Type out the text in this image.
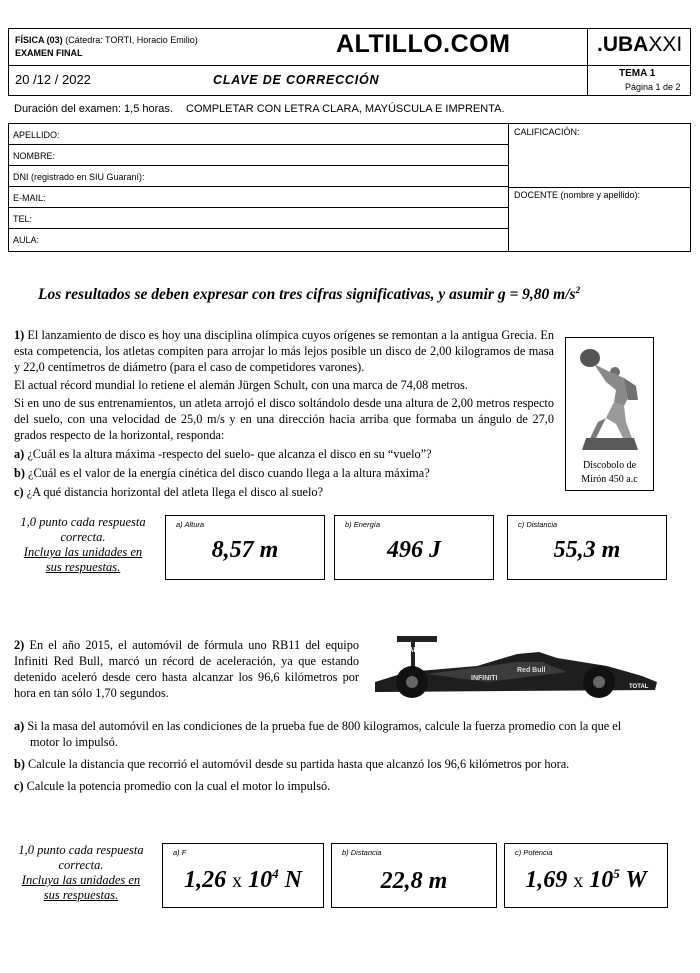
FÍSICA (03) (Cátedra: TORTI, Horacio Emilio)
EXAMEN FINAL	ALTILLO.COM	.UBAXXI
20 /12 / 2022	CLAVE DE CORRECCIÓN	TEMA 1
Página 1 de 2
Duración del examen: 1,5 horas. COMPLETAR CON LETRA CLARA, MAYÚSCULA E IMPRENTA.
APELLIDO:
NOMBRE:
DNI (registrado en SIU Guaraní):
E-MAIL:
TEL:
AULA:
CALIFICACIÓN:
DOCENTE (nombre y apellido):
Los resultados se deben expresar con tres cifras significativas, y asumir g = 9,80 $m/s^2$

1) El lanzamiento de disco es hoy una disciplina olímpica cuyos orígenes se remontan a la antigua Grecia. En esta competencia, los atletas compiten para arrojar lo más lejos posible un disco de 2,00 kilogramos de masa y 22,0 centímetros de diámetro (para el caso de competidores varones).

El actual récord mundial lo retiene el alemán Jürgen Schult, con una marca de 74,08 metros.

Si en uno de sus entrenamientos, un atleta arrojó el disco soltándolo desde una altura de 2,00 metros respecto del suelo, con una velocidad de 25,0 m/s y en una dirección hacia arriba que formaba un ángulo de 27,0 grados respecto de la horizontal, responda:

a) ¿Cuál es la altura máxima -respecto del suelo- que alcanza el disco en su “vuelo”?

b) ¿Cuál es el valor de la energía cinética del disco cuando llega a la altura máxima?

c) ¿A qué distancia horizontal del atleta llega el disco al suelo?

Discobolo de
Mirón 450 a.c
1,0 punto cada respuesta
correcta.
Incluya las unidades en
sus respuestas.
a) Altura
8,57 m
b) Energía
496 J
c) Distancia
55,3 m

2) En el año 2015, el automóvil de fórmula uno RB11 del equipo Infiniti Red Bull, marcó un récord de aceleración, ya que estando detenido aceleró desde cero hasta alcanzar los 96,6 kilómetros por hora en tan sólo 1,70 segundos.

TOTAL
INFINITI
Red Bull
TOTAL

a) Si la masa del automóvil en las condiciones de la prueba fue de 800 kilogramos, calcule la fuerza promedio con la que el motor lo impulsó.

b) Calcule la distancia que recorrió el automóvil desde su partida hasta que alcanzó los 96,6 kilómetros por hora.

c) Calcule la potencia promedio con la cual el motor lo impulsó.

1,0 punto cada respuesta
correcta.
Incluya las unidades en
sus respuestas.
a) F
1,26 x $10^4$ N
b) Distancia
22,8 m
c) Potencia
1,69 x $10^5$ W
